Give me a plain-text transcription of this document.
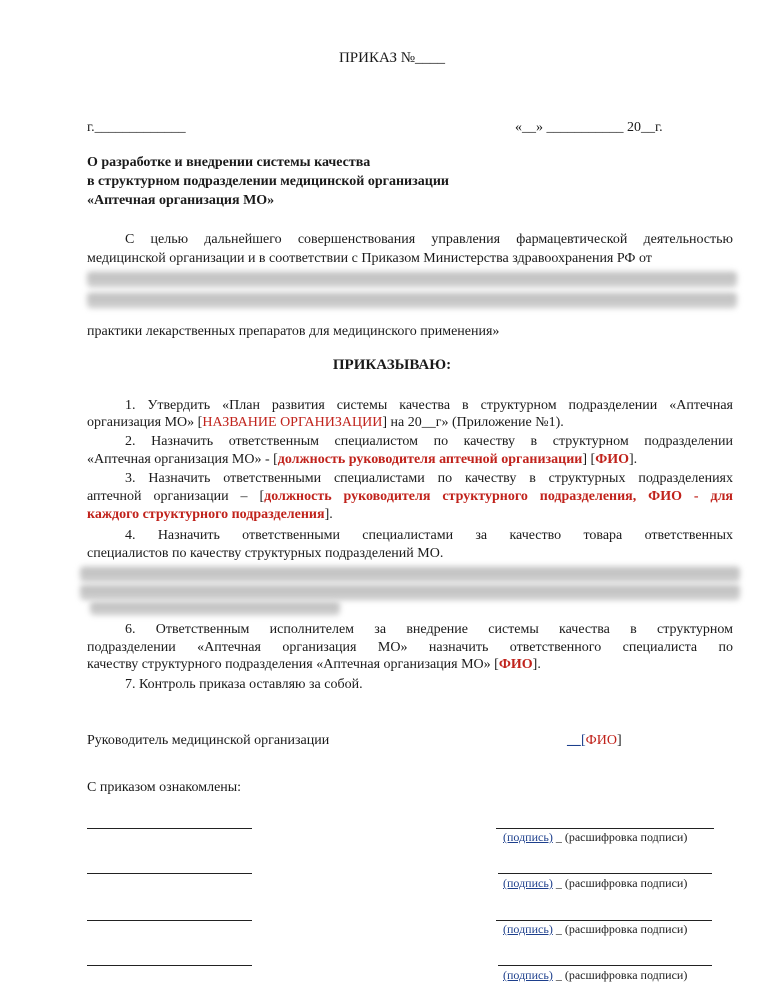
ПРИКАЗ №____
г._____________	«__» ___________ 20__г.
О разработке и внедрении системы качества
в структурном подразделении медицинской организации
«Аптечная организация МО»
С целью дальнейшего совершенствования управления фармацевтической деятельностью
медицинской организации и в соответствии с Приказом Министерства здравоохранения РФ от
практики лекарственных препаратов для медицинского применения»
ПРИКАЗЫВАЮ:
1. Утвердить «План развития системы качества в структурном подразделении «Аптечная
организация МО» [НАЗВАНИЕ ОРГАНИЗАЦИИ] на 20__г» (Приложение №1).
2. Назначить ответственным специалистом по качеству в структурном подразделении
«Аптечная организация МО» - [должность руководителя аптечной организации] [ФИО].
3. Назначить ответственными специалистами по качеству в структурных подразделениях
аптечной организации – [должность руководителя структурного подразделения, ФИО - для
каждого структурного подразделения].
4. Назначить ответственными специалистами за качество товара ответственных
специалистов по качеству структурных подразделений МО.
6. Ответственным исполнителем за внедрение системы качества в структурном
подразделении «Аптечная организация МО» назначить ответственного специалиста по
качеству структурного подразделения «Аптечная организация МО» [ФИО].
7. Контроль приказа оставляю за собой.
Руководитель медицинской организации	__[ФИО]
С приказом ознакомлены:
(подпись) _ (расшифровка подписи)
(подпись) _ (расшифровка подписи)
(подпись) _ (расшифровка подписи)
(подпись) _ (расшифровка подписи)
